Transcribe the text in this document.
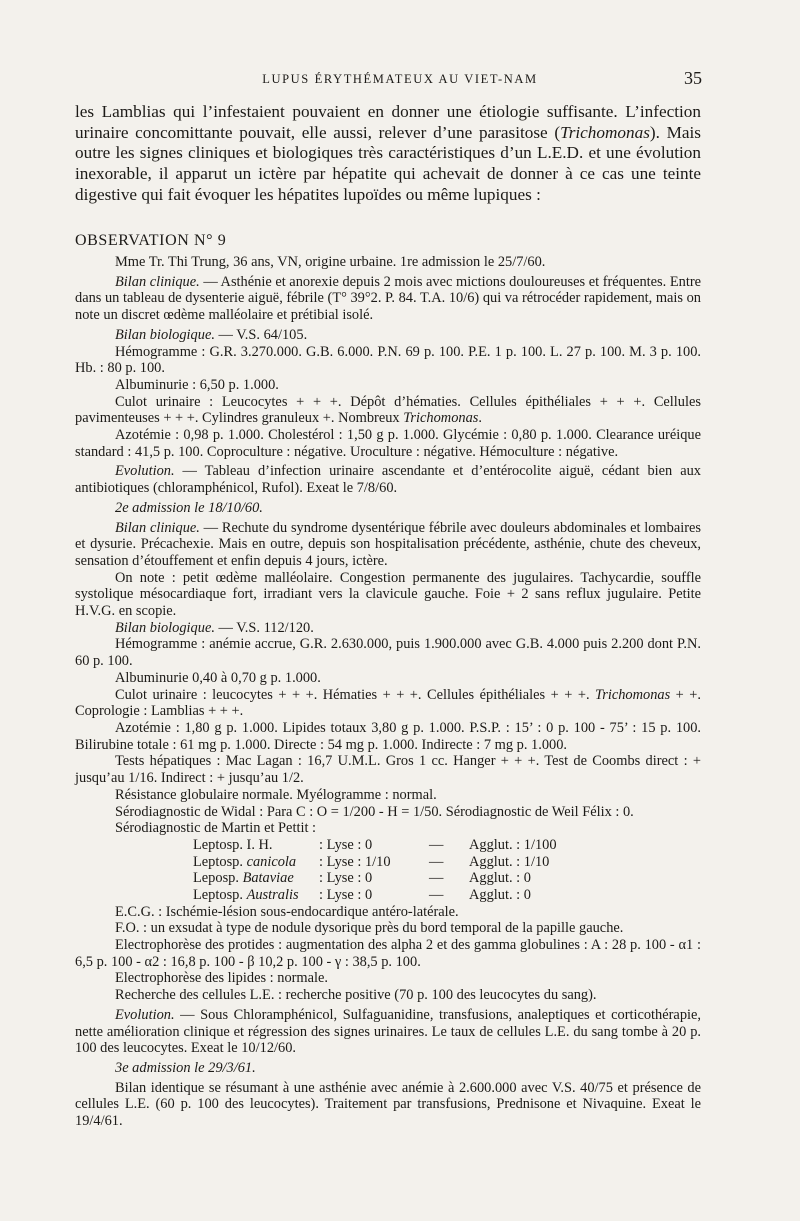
LUPUS ÉRYTHÉMATEUX AU VIET-NAM	35

les Lamblias qui l’infestaient pouvaient en donner une étiologie suffisante. L’infection urinaire concomittante pouvait, elle aussi, relever d’une parasitose (Trichomonas). Mais outre les signes cliniques et biologiques très caractéristiques d’un L.E.D. et une évolution inexorable, il apparut un ictère par hépatite qui achevait de donner à ce cas une teinte digestive qui fait évoquer les hépatites lupoïdes ou même lupiques :

OBSERVATION N° 9

Mme Tr. Thi Trung, 36 ans, VN, origine urbaine. 1re admission le 25/7/60.

Bilan clinique. — Asthénie et anorexie depuis 2 mois avec mictions douloureuses et fréquentes. Entre dans un tableau de dysenterie aiguë, fébrile (T° 39°2. P. 84. T.A. 10/6) qui va rétrocéder rapidement, mais on note un discret œdème malléolaire et prétibial isolé.

Bilan biologique. — V.S. 64/105.

Hémogramme : G.R. 3.270.000. G.B. 6.000. P.N. 69 p. 100. P.E. 1 p. 100. L. 27 p. 100. M. 3 p. 100. Hb. : 80 p. 100.

Albuminurie : 6,50 p. 1.000.

Culot urinaire : Leucocytes + + +. Dépôt d’hématies. Cellules épithéliales + + +. Cellules pavimenteuses + + +. Cylindres granuleux +. Nombreux Trichomonas.

Azotémie : 0,98 p. 1.000. Cholestérol : 1,50 g p. 1.000. Glycémie : 0,80 p. 1.000. Clearance uréique standard : 41,5 p. 100. Coproculture : négative. Uroculture : négative. Hémoculture : négative.

Evolution. — Tableau d’infection urinaire ascendante et d’entérocolite aiguë, cédant bien aux antibiotiques (chloramphénicol, Rufol). Exeat le 7/8/60.

2e admission le 18/10/60.

Bilan clinique. — Rechute du syndrome dysentérique fébrile avec douleurs abdominales et lombaires et dysurie. Précachexie. Mais en outre, depuis son hospitalisation précédente, asthénie, chute des cheveux, sensation d’étouffement et enfin depuis 4 jours, ictère.

On note : petit œdème malléolaire. Congestion permanente des jugulaires. Tachycardie, souffle systolique mésocardiaque fort, irradiant vers la clavicule gauche. Foie + 2 sans reflux jugulaire. Petite H.V.G. en scopie.

Bilan biologique. — V.S. 112/120.

Hémogramme : anémie accrue, G.R. 2.630.000, puis 1.900.000 avec G.B. 4.000 puis 2.200 dont P.N. 60 p. 100.

Albuminurie 0,40 à 0,70 g p. 1.000.

Culot urinaire : leucocytes + + +. Hématies + + +. Cellules épithéliales + + +. Trichomonas + +. Coprologie : Lamblias + + +.

Azotémie : 1,80 g p. 1.000. Lipides totaux 3,80 g p. 1.000. P.S.P. : 15’ : 0 p. 100 - 75’ : 15 p. 100. Bilirubine totale : 61 mg p. 1.000. Directe : 54 mg p. 1.000. Indirecte : 7 mg p. 1.000.

Tests hépatiques : Mac Lagan : 16,7 U.M.L. Gros 1 cc. Hanger + + +. Test de Coombs direct : + jusqu’au 1/16. Indirect : + jusqu’au 1/2.

Résistance globulaire normale. Myélogramme : normal.

Sérodiagnostic de Widal : Para C : O = 1/200 - H = 1/50. Sérodiagnostic de Weil Félix : 0.

Sérodiagnostic de Martin et Pettit :

Leptosp. I. H.	: Lyse : 0	—	Agglut. : 1/100
Leptosp. canicola	: Lyse : 1/10	—	Agglut. : 1/10
Leposp. Bataviae	: Lyse : 0	—	Agglut. : 0
Leptosp. Australis	: Lyse : 0	—	Agglut. : 0

E.C.G. : Ischémie-lésion sous-endocardique antéro-latérale.

F.O. : un exsudat à type de nodule dysorique près du bord temporal de la papille gauche.

Electrophorèse des protides : augmentation des alpha 2 et des gamma globulines : A : 28 p. 100 - α1 : 6,5 p. 100 - α2 : 16,8 p. 100 - β 10,2 p. 100 - γ : 38,5 p. 100.

Electrophorèse des lipides : normale.

Recherche des cellules L.E. : recherche positive (70 p. 100 des leucocytes du sang).

Evolution. — Sous Chloramphénicol, Sulfaguanidine, transfusions, analeptiques et corticothérapie, nette amélioration clinique et régression des signes urinaires. Le taux de cellules L.E. du sang tombe à 20 p. 100 des leucocytes. Exeat le 10/12/60.

3e admission le 29/3/61.

Bilan identique se résumant à une asthénie avec anémie à 2.600.000 avec V.S. 40/75 et présence de cellules L.E. (60 p. 100 des leucocytes). Traitement par transfusions, Prednisone et Nivaquine. Exeat le 19/4/61.
